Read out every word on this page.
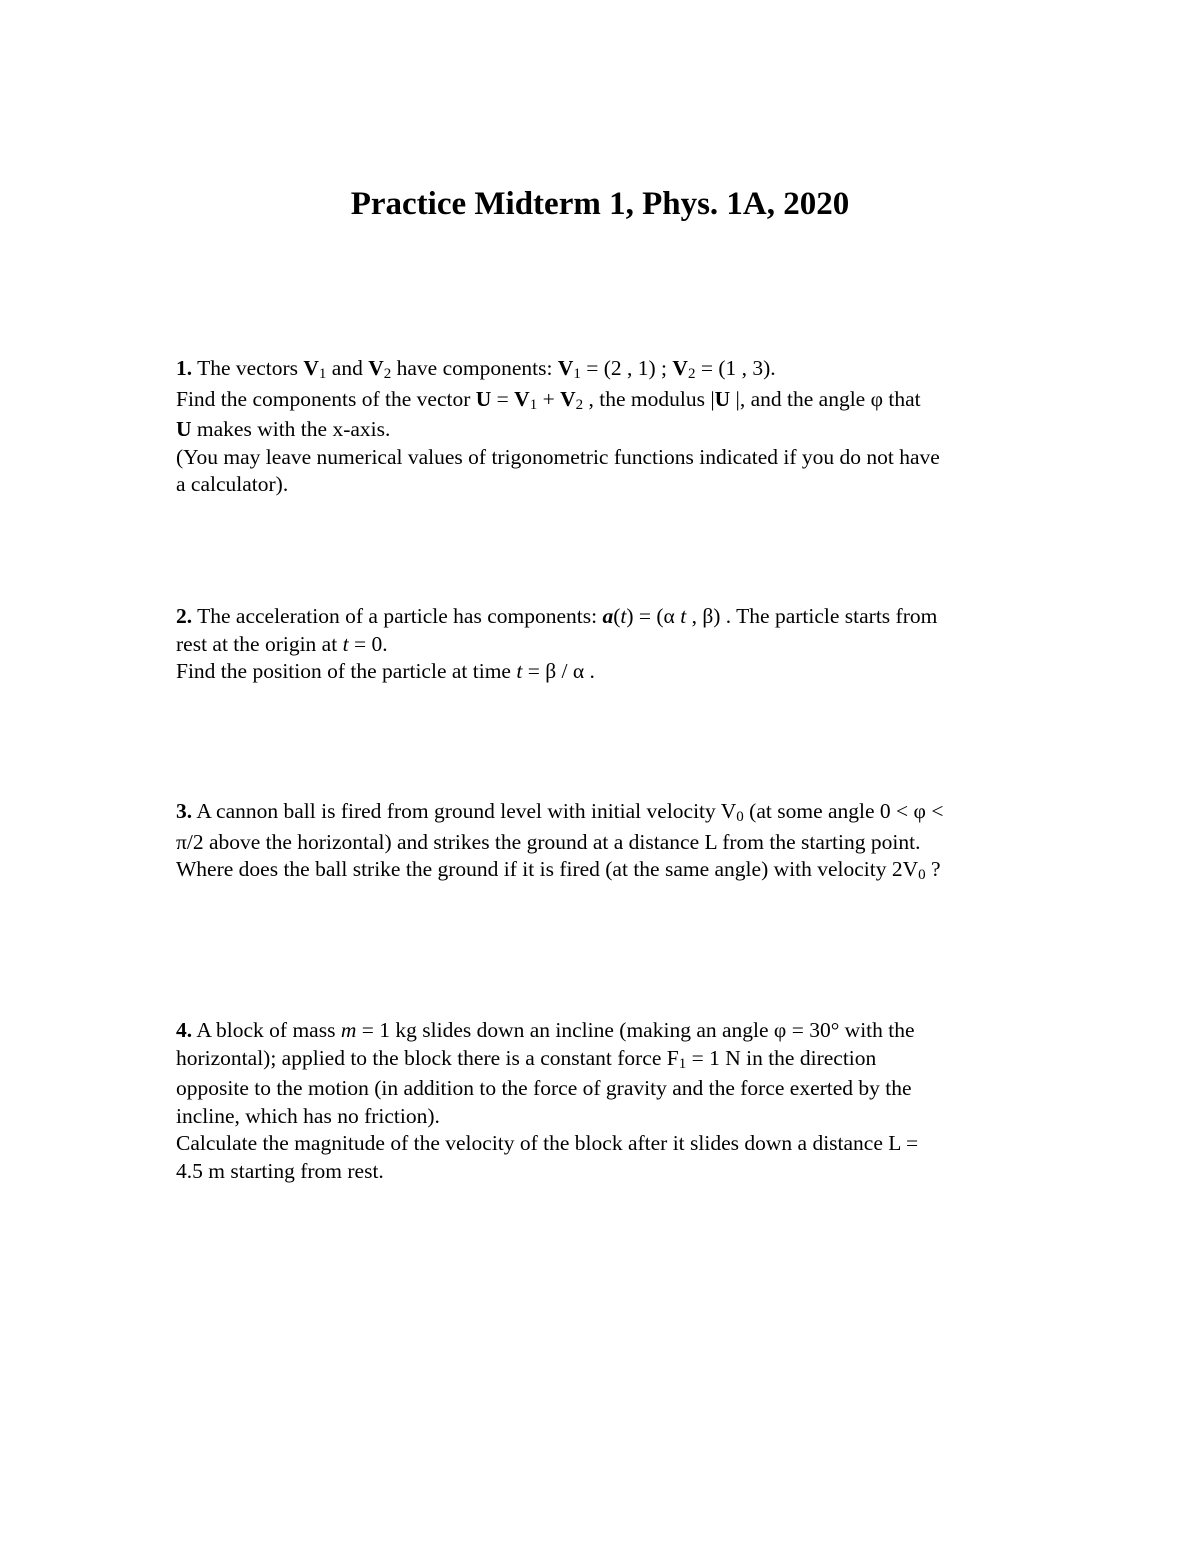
Practice Midterm 1, Phys. 1A, 2020

1. The vectors V1 and V2 have components: V1 = (2 , 1) ; V2 = (1 , 3).

Find the components of the vector U = V1 + V2 , the modulus |U |, and the angle φ that

U makes with the x-axis.

(You may leave numerical values of trigonometric functions indicated if you do not have

a calculator).

2. The acceleration of a particle has components: a(t) = (α t , β) . The particle starts from

rest at the origin at t = 0.

Find the position of the particle at time t = β / α .

3. A cannon ball is fired from ground level with initial velocity V0 (at some angle 0 < φ <

π/2 above the horizontal) and strikes the ground at a distance L from the starting point.

Where does the ball strike the ground if it is fired (at the same angle) with velocity 2V0 ?

4. A block of mass m = 1 kg slides down an incline (making an angle φ = 30° with the

horizontal); applied to the block there is a constant force F1 = 1 N in the direction

opposite to the motion (in addition to the force of gravity and the force exerted by the

incline, which has no friction).

Calculate the magnitude of the velocity of the block after it slides down a distance L =

4.5 m starting from rest.
